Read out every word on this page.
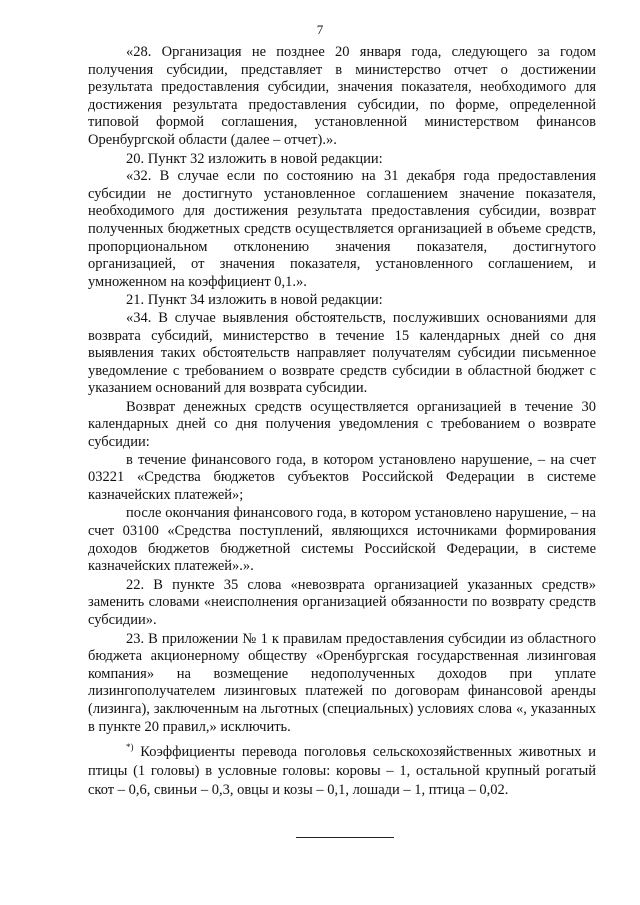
7

«28. Организация не позднее 20 января года, следующего за годом получения субсидии, представляет в министерство отчет о достижении результата предоставления субсидии, значения показателя, необходимого для достижения результата предоставления субсидии, по форме, определенной типовой формой соглашения, установленной министерством финансов Оренбургской области (далее – отчет).».

20. Пункт 32 изложить в новой редакции:

«32. В случае если по состоянию на 31 декабря года предоставления субсидии не достигнуто установленное соглашением значение показателя, необходимого для достижения результата предоставления субсидии, возврат полученных бюджетных средств осуществляется организацией в объеме средств, пропорциональном отклонению значения показателя, достигнутого организацией, от значения показателя, установленного соглашением, и умноженном на коэффициент 0,1.».

21. Пункт 34 изложить в новой редакции:

«34. В случае выявления обстоятельств, послуживших основаниями для возврата субсидий, министерство в течение 15 календарных дней со дня выявления таких обстоятельств направляет получателям субсидии письменное уведомление с требованием о возврате средств субсидии в областной бюджет с указанием оснований для возврата субсидии.

Возврат денежных средств осуществляется организацией в течение 30 календарных дней со дня получения уведомления с требованием о возврате субсидии:

в течение финансового года, в котором установлено нарушение, – на счет 03221 «Средства бюджетов субъектов Российской Федерации в системе казначейских платежей»;

после окончания финансового года, в котором установлено нарушение, – на счет 03100 «Средства поступлений, являющихся источниками формирования доходов бюджетов бюджетной системы Российской Федерации, в системе казначейских платежей».».

22. В пункте 35 слова «невозврата организацией указанных средств» заменить словами «неисполнения организацией обязанности по возврату средств субсидии».

23. В приложении № 1 к правилам предоставления субсидии из областного бюджета акционерному обществу «Оренбургская государственная лизинговая компания» на возмещение недополученных доходов при уплате лизингополучателем лизинговых платежей по договорам финансовой аренды (лизинга), заключенным на льготных (специальных) условиях слова «, указанных в пункте 20 правил,» исключить.

*) Коэффициенты перевода поголовья сельскохозяйственных животных и птицы (1 головы) в условные головы: коровы – 1, остальной крупный рогатый скот – 0,6, свиньи – 0,3, овцы и козы – 0,1, лошади – 1, птица – 0,02.
